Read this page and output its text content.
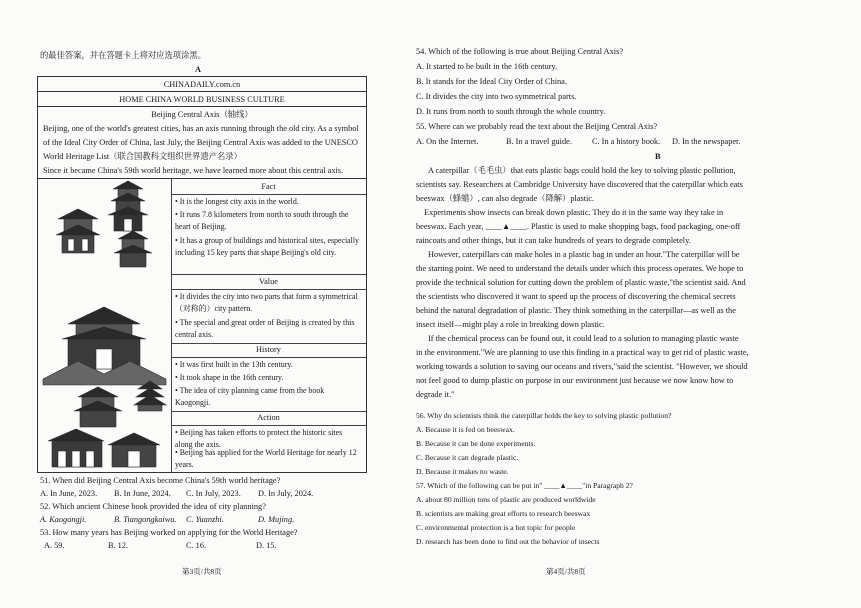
的最佳答案，并在答题卡上将对应选项涂黑。
A
CHINADAILY.com.cn
HOME CHINA WORLD BUSINESS CULTURE
Beijing Central Axis（轴线）
Beijing, one of the world's greatest cities, has an axis running through the old city. As a symbol
of the Ideal City Order of China, last July, the Beijing Central Axis was added to the UNESCO
World Heritage List（联合国教科文组织世界遗产名录）
Since it became China's 59th world heritage, we have learned more about this central axis.
Fact
• It is the longest city axis in the world.
• It runs 7.8 kilometers from north to south through the heart of Beijing.
• It has a group of buildings and historical sites, especially including 15 key parts that shape Beijing's old city.
Value
• It divides the city into two parts that form a symmetrical（对称的）city pattern.
• The special and great order of Beijing is created by this central axis.
History
• It was first built in the 13th century.
• It took shape in the 16th century.
• The idea of city planning came from the book Kaogongji.
Action
• Beijing has taken efforts to protect the historic sites along the axis.
• Beijing has applied for the World Heritage for nearly 12 years.
51. When did Beijing Central Axis become China's 59th world heritage?
A. In June, 2023. B. In June, 2024. C. In July, 2023. D. In July, 2024.
52. Which ancient Chinese book provided the idea of city planning?
A. Kaogongji.	B. Tiangongkaiwu. C. Yuanzhi.	D. Mujing.
53. How many years has Beijing worked on applying for the World Heritage?
A. 59.	B. 12.	C. 16.	D. 15.
第3页/共8页
54. Which of the following is true about Beijing Central Axis?
A. It started to be built in the 16th century.
B. It stands for the Ideal City Order of China.
C. It divides the city into two symmetrical parts.
D. It runs from north to south through the whole country.
55. Where can we probably read the text about the Beijing Central Axis?
A. On the Internet.	B. In a travel guide. C. In a history book. D. In the newspaper.
B
A caterpillar（毛毛虫）that eats plastic bags could hold the key to solving plastic pollution,
scientists say. Researchers at Cambridge University have discovered that the caterpillar which eats
beeswax（蜂蜡）, can also degrade（降解）plastic.
Experiments show insects can break down plastic. They do it in the same way they take in
beeswax. Each year, ____▲____. Plastic is used to make shopping bags, food packaging, one-off
raincoats and other things, but it can take hundreds of years to degrade completely.
However, caterpillars can make holes in a plastic bag in under an hour."The caterpillar will be
the starting point. We need to understand the details under which this process operates. We hope to
provide the technical solution for cutting down the problem of plastic waste,"the scientist said. And
the scientists who discovered it want to speed up the process of discovering the chemical secrets
behind the natural degradation of plastic. They think something in the caterpillar—as well as the
insect itself—might play a role in breaking down plastic.
If the chemical process can be found out, it could lead to a solution to managing plastic waste
in the environment."We are planning to use this finding in a practical way to get rid of plastic waste,
working towards a solution to saving our oceans and rivers,"said the scientist. "However, we should
not feel good to dump plastic on purpose in our environment just because we now know how to
degrade it."
56. Why do scientists think the caterpillar holds the key to solving plastic pollution?
A. Because it is fed on beeswax.
B. Because it can be done experiments.
C. Because it can degrade plastic.
D. Because it makes no waste.
57. Which of the following can be put in" ____▲____"in Paragraph 2?
A. about 80 million tons of plastic are produced worldwide
B. scientists are making great efforts to research beeswax
C. environmental protection is a hot topic for people
D. research has been done to find out the behavior of insects
第4页/共8页
